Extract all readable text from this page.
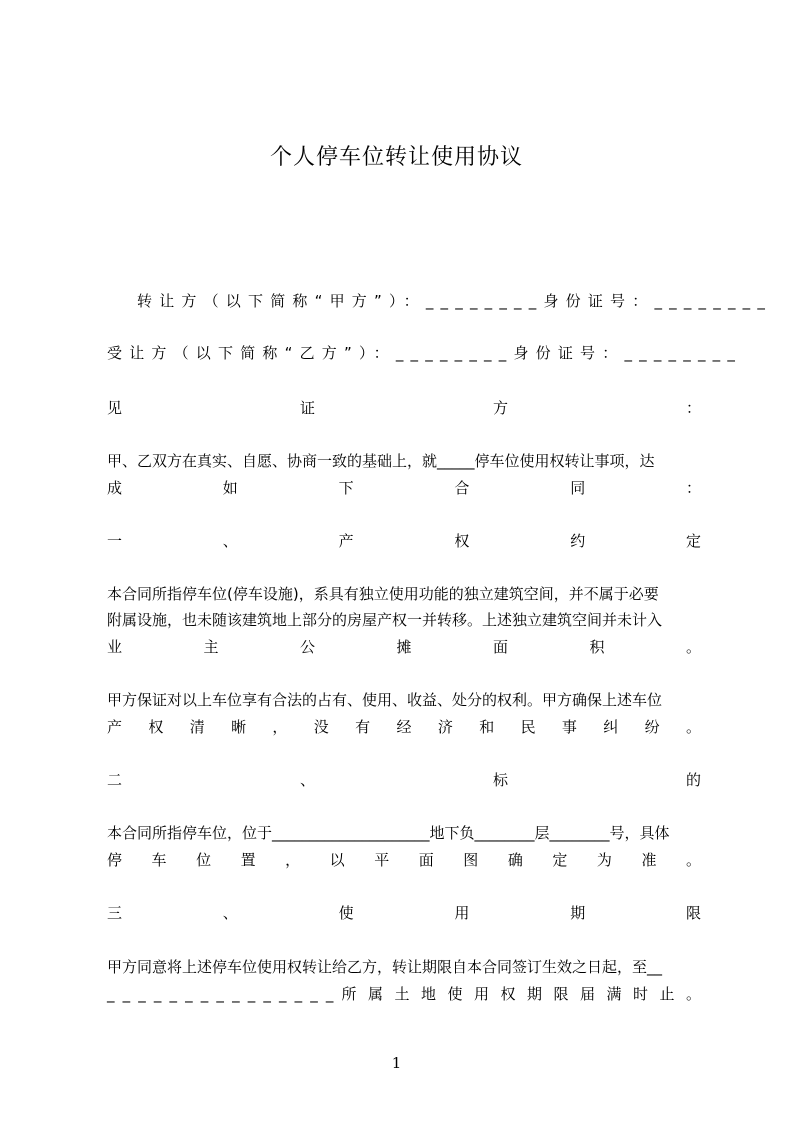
个人停车位转让使用协议
转让方（以下简称“甲方”）：________身份证号：________
受让方（以下简称“乙方”）：________身份证号：________
见 证 方 ：
甲、乙双方在真实、自愿、协商一致的基础上，就_____停车位使用权转让事项，达
成 如 下 合 同 ：
一 、 产 权 约 定
本合同所指停车位(停车设施)，系具有独立使用功能的独立建筑空间，并不属于必要
附属设施，也未随该建筑地上部分的房屋产权一并转移。上述独立建筑空间并未计入
业 主 公 摊 面 积 。
甲方保证对以上车位享有合法的占有、使用、收益、处分的权利。甲方确保上述车位
产 权 清 晰 ， 没 有 经 济 和 民 事 纠 纷 。
二 、 标 的
本合同所指停车位，位于_____________________地下负________层________号，具体
停 车 位 置 ， 以 平 面 图 确 定 为 准 。
三 、 使 用 期 限
甲方同意将上述停车位使用权转让给乙方，转让期限自本合同签订生效之日起，至__
_ _ _ _ _ _ _ _ _ _ _ _ _ _ _ 所 属 土 地 使 用 权 期 限 届 满 时 止 。
1
